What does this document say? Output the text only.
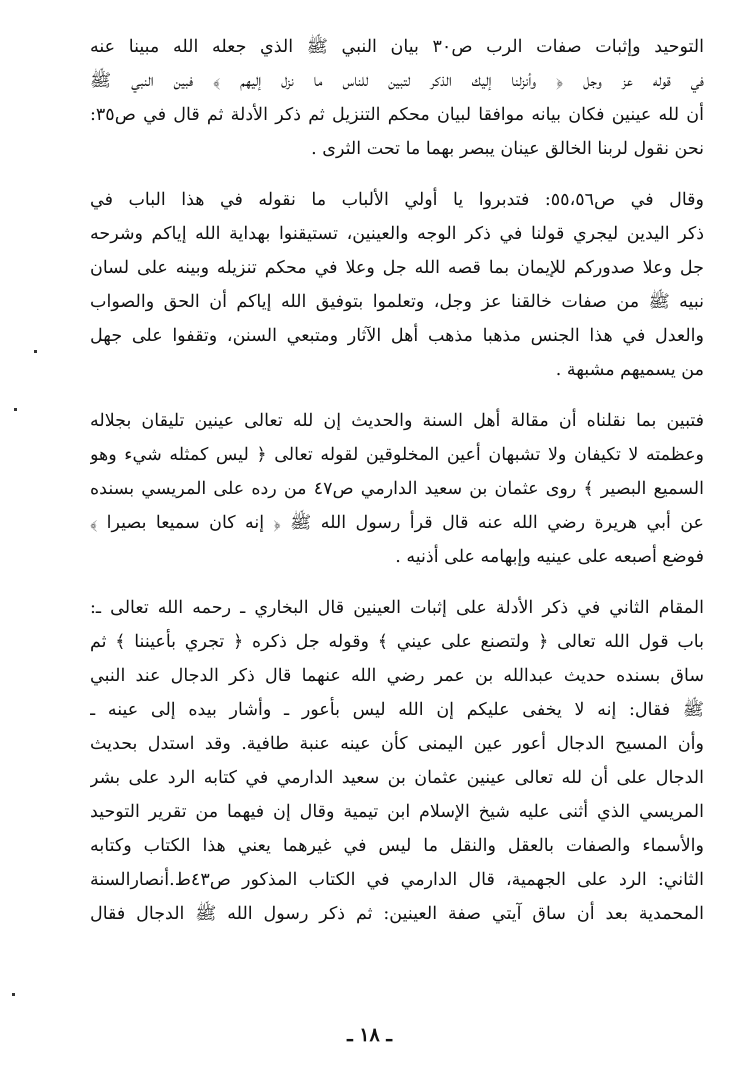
التوحيد وإثبات صفات الرب ص٣٠ بيان النبي ﷺ الذي جعله الله مبينا عنه
في قوله عز وجل ﴿ وأنزلنا إليك الذكر لتبين للناس ما نزل إليهم ﴾ فبين النبي ﷺ
أن لله عينين فكان بيانه موافقا لبيان محكم التنزيل ثم ذكر الأدلة ثم قال في ص٣٥:
نحن نقول لربنا الخالق عينان يبصر بهما ما تحت الثرى .

وقال في ص٥٥،٥٦: فتدبروا يا أولي الألباب ما نقوله في هذا الباب في
ذكر اليدين ليجري قولنا في ذكر الوجه والعينين، تستيقنوا بهداية الله إياكم وشرحه
جل وعلا صدوركم للإيمان بما قصه الله جل وعلا في محكم تنزيله وبينه على لسان
نبيه ﷺ من صفات خالقنا عز وجل، وتعلموا بتوفيق الله إياكم أن الحق والصواب
والعدل في هذا الجنس مذهبا مذهب أهل الآثار ومتبعي السنن، وتقفوا على جهل
من يسميهم مشبهة .

فتبين بما نقلناه أن مقالة أهل السنة والحديث إن لله تعالى عينين تليقان بجلاله
وعظمته لا تكيفان ولا تشبهان أعين المخلوقين لقوله تعالى ﴿ ليس كمثله شيء وهو
السميع البصير ﴾ روى عثمان بن سعيد الدارمي ص٤٧ من رده على المريسي بسنده
عن أبي هريرة رضي الله عنه قال قرأ رسول الله ﷺ ﴿ إنه كان سميعا بصيرا ﴾
فوضع أصبعه على عينيه وإبهامه على أذنيه .

المقام الثاني في ذكر الأدلة على إثبات العينين قال البخاري ـ رحمه الله تعالى ـ:
باب قول الله تعالى ﴿ ولتصنع على عيني ﴾ وقوله جل ذكره ﴿ تجري بأعيننا ﴾ ثم
ساق بسنده حديث عبدالله بن عمر رضي الله عنهما قال ذكر الدجال عند النبي
ﷺ فقال: إنه لا يخفى عليكم إن الله ليس بأعور ـ وأشار بيده إلى عينه ـ
وأن المسيح الدجال أعور عين اليمنى كأن عينه عنبة طافية. وقد استدل بحديث
الدجال على أن لله تعالى عينين عثمان بن سعيد الدارمي في كتابه الرد على بشر
المريسي الذي أثنى عليه شيخ الإسلام ابن تيمية وقال إن فيهما من تقرير التوحيد
والأسماء والصفات بالعقل والنقل ما ليس في غيرهما يعني هذا الكتاب وكتابه
الثاني: الرد على الجهمية، قال الدارمي في الكتاب المذكور ص٤٣ط.أنصارالسنة
المحمدية بعد أن ساق آيتي صفة العينين: ثم ذكر رسول الله ﷺ الدجال فقال

ـ ١٨ ـ
